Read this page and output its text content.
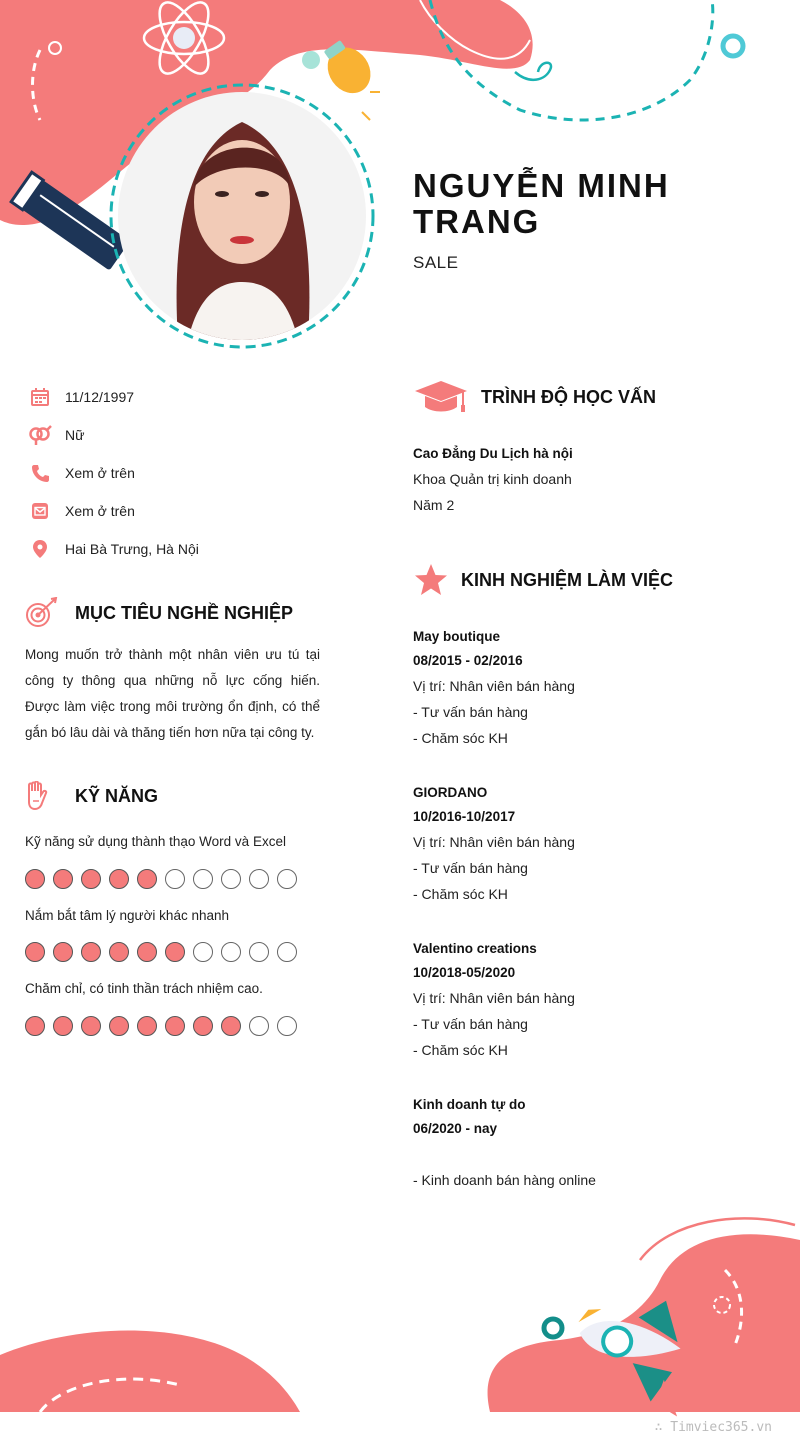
NGUYỄN MINH TRANG
SALE
11/12/1997
Nữ
Xem ở trên
Xem ở trên
Hai Bà Trưng, Hà Nội
MỤC TIÊU NGHỀ NGHIỆP
Mong muốn trở thành một nhân viên ưu tú tại công ty thông qua những nỗ lực cống hiến. Được làm việc trong môi trường ổn định, có thể gắn bó lâu dài và thăng tiến hơn nữa tại công ty.
KỸ NĂNG
Kỹ năng sử dụng thành thạo Word và Excel
Nắm bắt tâm lý người khác nhanh
Chăm chỉ, có tinh thần trách nhiệm cao.
TRÌNH ĐỘ HỌC VẤN
Cao Đẳng Du Lịch hà nội
Khoa Quản trị kinh doanh
Năm 2
KINH NGHIỆM LÀM VIỆC
May boutique
08/2015 - 02/2016
Vị trí: Nhân viên bán hàng
- Tư vấn bán hàng
- Chăm sóc KH
GIORDANO
10/2016-10/2017
Vị trí: Nhân viên bán hàng
- Tư vấn bán hàng
- Chăm sóc KH
Valentino creations
10/2018-05/2020
Vị trí: Nhân viên bán hàng
- Tư vấn bán hàng
- Chăm sóc KH
Kinh doanh tự do
06/2020 - nay
- Kinh doanh bán hàng online
∴ Timviec365.vn
